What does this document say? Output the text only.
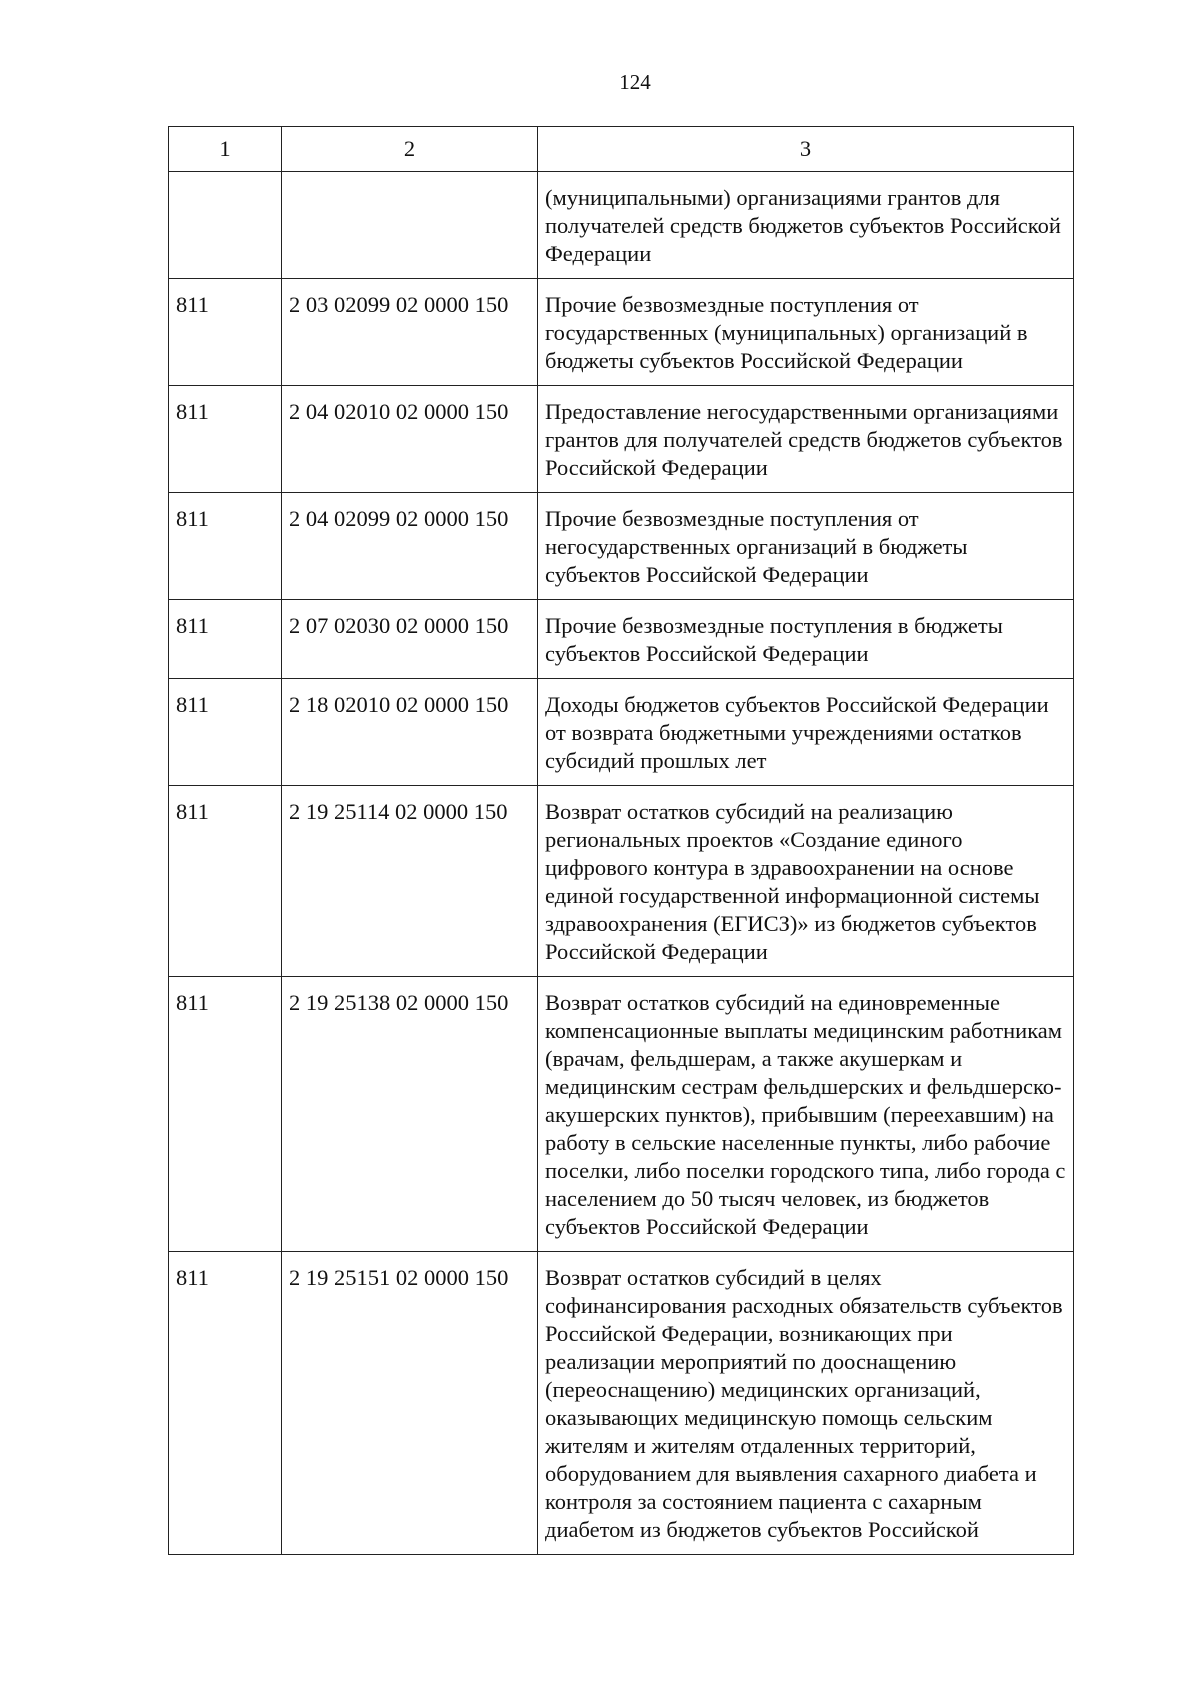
124
1	2	3
		(муниципальными) организациями грантов для получателей средств бюджетов субъектов Российской Федерации
811	2 03 02099 02 0000 150	Прочие безвозмездные поступления от государственных (муниципальных) организаций в бюджеты субъектов Российской Федерации
811	2 04 02010 02 0000 150	Предоставление негосударственными организациями грантов для получателей средств бюджетов субъектов Российской Федерации
811	2 04 02099 02 0000 150	Прочие безвозмездные поступления от негосударственных организаций в бюджеты субъектов Российской Федерации
811	2 07 02030 02 0000 150	Прочие безвозмездные поступления в бюджеты субъектов Российской Федерации
811	2 18 02010 02 0000 150	Доходы бюджетов субъектов Российской Федерации от возврата бюджетными учреждениями остатков субсидий прошлых лет
811	2 19 25114 02 0000 150	Возврат остатков субсидий на реализацию региональных проектов «Создание единого цифрового контура в здравоохранении на основе единой государственной информационной системы здравоохранения (ЕГИСЗ)» из бюджетов субъектов Российской Федерации
811	2 19 25138 02 0000 150	Возврат остатков субсидий на единовременные компенсационные выплаты медицинским работникам (врачам, фельдшерам, а также акушеркам и медицинским сестрам фельдшерских и фельдшерско-акушерских пунктов), прибывшим (переехавшим) на работу в сельские населенные пункты, либо рабочие поселки, либо поселки городского типа, либо города с населением до 50 тысяч человек, из бюджетов субъектов Российской Федерации
811	2 19 25151 02 0000 150	Возврат остатков субсидий в целях софинансирования расходных обязательств субъектов Российской Федерации, возникающих при реализации мероприятий по дооснащению (переоснащению) медицинских организаций, оказывающих медицинскую помощь сельским жителям и жителям отдаленных территорий, оборудованием для выявления сахарного диабета и контроля за состоянием пациента с сахарным диабетом из бюджетов субъектов Российской
